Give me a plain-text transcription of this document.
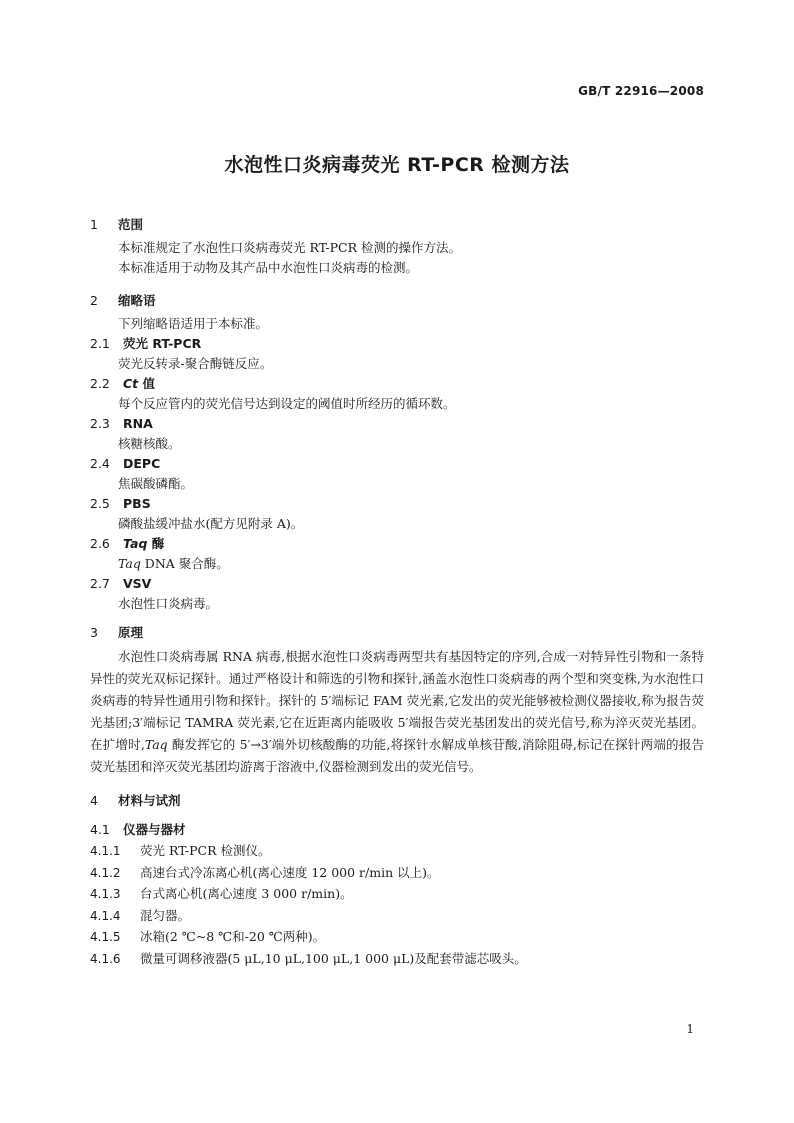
GB/T 22916—2008
水泡性口炎病毒荧光 RT-PCR 检测方法
1 范围
本标准规定了水泡性口炎病毒荧光 RT-PCR 检测的操作方法。
本标准适用于动物及其产品中水泡性口炎病毒的检测。
2 缩略语
下列缩略语适用于本标准。
2.1 荧光 RT-PCR
荧光反转录-聚合酶链反应。
2.2 Ct 值
每个反应管内的荧光信号达到设定的阈值时所经历的循环数。
2.3 RNA
核糖核酸。
2.4 DEPC
焦碳酸磷酯。
2.5 PBS
磷酸盐缓冲盐水(配方见附录 A)。
2.6 Taq 酶
Taq DNA 聚合酶。
2.7 VSV
水泡性口炎病毒。
3 原理
水泡性口炎病毒属 RNA 病毒,根据水泡性口炎病毒两型共有基因特定的序列,合成一对特异性引物和一条特异性的荧光双标记探针。通过严格设计和筛选的引物和探针,涵盖水泡性口炎病毒的两个型和突变株,为水泡性口炎病毒的特异性通用引物和探针。探针的 5′端标记 FAM 荧光素,它发出的荧光能够被检测仪器接收,称为报告荧光基团;3′端标记 TAMRA 荧光素,它在近距离内能吸收 5′端报告荧光基团发出的荧光信号,称为淬灭荧光基团。在扩增时,Taq 酶发挥它的 5′→3′端外切核酸酶的功能,将探针水解成单核苷酸,消除阻碍,标记在探针两端的报告荧光基团和淬灭荧光基团均游离于溶液中,仪器检测到发出的荧光信号。
4 材料与试剂
4.1 仪器与器材
4.1.1 荧光 RT-PCR 检测仪。
4.1.2 高速台式冷冻离心机(离心速度 12 000 r/min 以上)。
4.1.3 台式离心机(离心速度 3 000 r/min)。
4.1.4 混匀器。
4.1.5 冰箱(2 ℃~8 ℃和-20 ℃两种)。
4.1.6 微量可调移液器(5 μL,10 μL,100 μL,1 000 μL)及配套带滤芯吸头。
1
